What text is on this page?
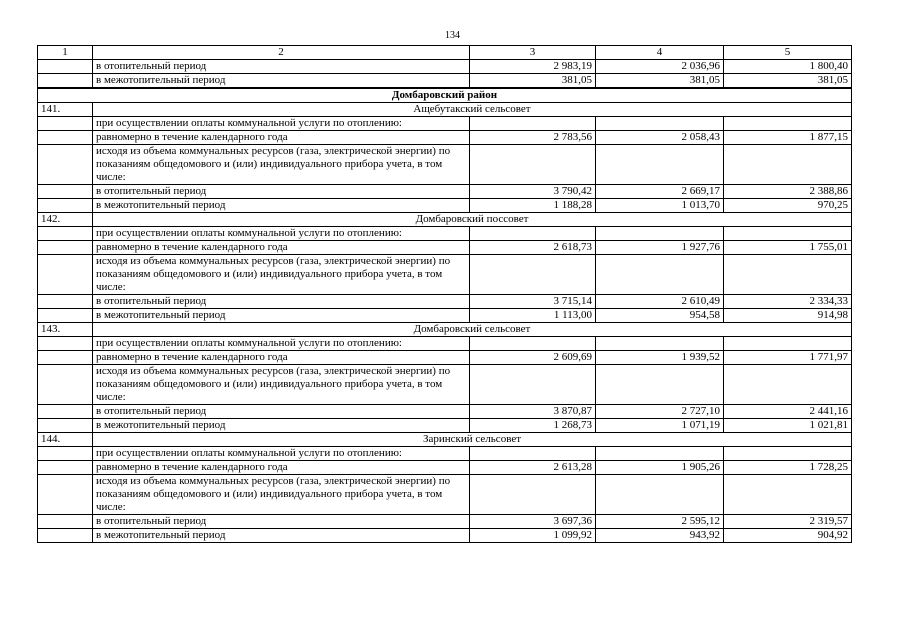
134
1	2	3	4	5
	в отопительный период	2 983,19	2 036,96	1 800,40
	в межотопительный период	381,05	381,05	381,05
Домбаровский район				
141.	Ащебутакский сельсовет			
	при осуществлении оплаты коммунальной услуги по отоплению:			
	равномерно в течение календарного года	2 783,56	2 058,43	1 877,15
	исходя из объема коммунальных ресурсов (газа, электрической энергии) по показаниям общедомового и (или) индивидуального прибора учета, в том числе:			
	в отопительный период	3 790,42	2 669,17	2 388,86
	в межотопительный период	1 188,28	1 013,70	970,25
142.	Домбаровский поссовет			
	при осуществлении оплаты коммунальной услуги по отоплению:			
	равномерно в течение календарного года	2 618,73	1 927,76	1 755,01
	исходя из объема коммунальных ресурсов (газа, электрической энергии) по показаниям общедомового и (или) индивидуального прибора учета, в том числе:			
	в отопительный период	3 715,14	2 610,49	2 334,33
	в межотопительный период	1 113,00	954,58	914,98
143.	Домбаровский сельсовет			
	при осуществлении оплаты коммунальной услуги по отоплению:			
	равномерно в течение календарного года	2 609,69	1 939,52	1 771,97
	исходя из объема коммунальных ресурсов (газа, электрической энергии) по показаниям общедомового и (или) индивидуального прибора учета, в том числе:			
	в отопительный период	3 870,87	2 727,10	2 441,16
	в межотопительный период	1 268,73	1 071,19	1 021,81
144.	Заринский сельсовет			
	при осуществлении оплаты коммунальной услуги по отоплению:			
	равномерно в течение календарного года	2 613,28	1 905,26	1 728,25
	исходя из объема коммунальных ресурсов (газа, электрической энергии) по показаниям общедомового и (или) индивидуального прибора учета, в том числе:			
	в отопительный период	3 697,36	2 595,12	2 319,57
	в межотопительный период	1 099,92	943,92	904,92
